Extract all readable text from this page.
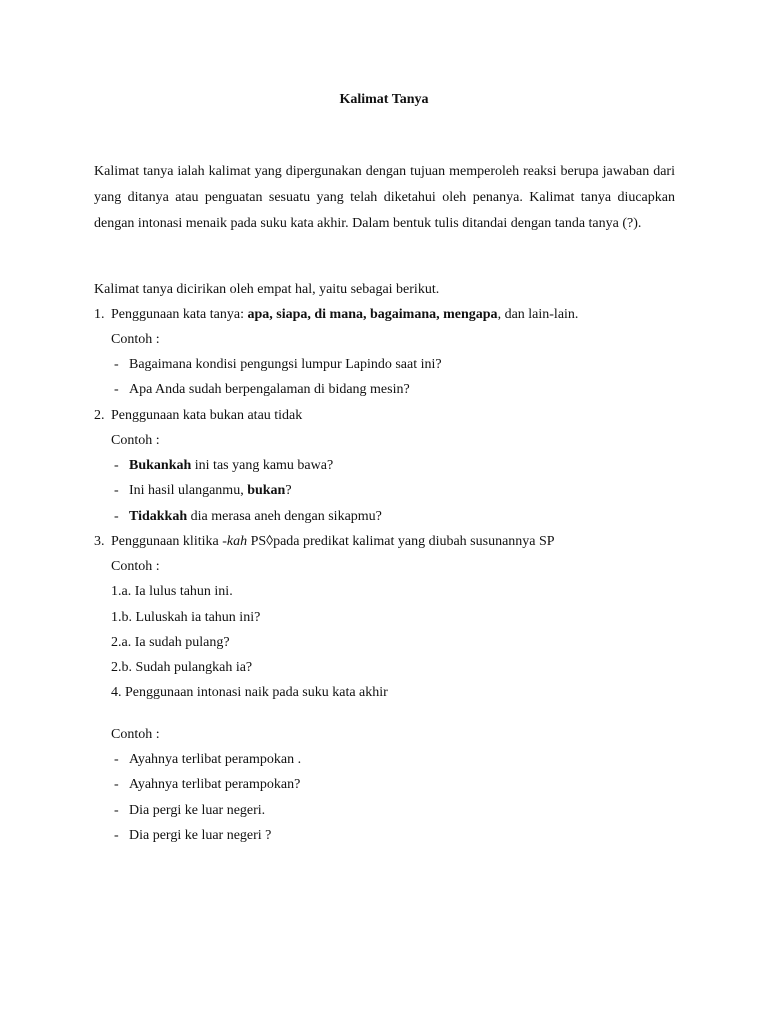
Kalimat Tanya
Kalimat tanya ialah kalimat yang dipergunakan dengan tujuan memperoleh reaksi berupa jawaban dari yang ditanya atau penguatan sesuatu yang telah diketahui oleh penanya. Kalimat tanya diucapkan dengan intonasi menaik pada suku kata akhir. Dalam bentuk tulis ditandai dengan tanda tanya (?).
Kalimat tanya dicirikan oleh empat hal, yaitu sebagai berikut.
1. Penggunaan kata tanya: apa, siapa, di mana, bagaimana, mengapa, dan lain-lain.
Contoh :
- Bagaimana kondisi pengungsi lumpur Lapindo saat ini?
- Apa Anda sudah berpengalaman di bidang mesin?
2. Penggunaan kata bukan atau tidak
Contoh :
- Bukankah ini tas yang kamu bawa?
- Ini hasil ulanganmu, bukan?
- Tidakkah dia merasa aneh dengan sikapmu?
3. Penggunaan klitika -kah PS◊pada predikat kalimat yang diubah susunannya SP
Contoh :
1.a. Ia lulus tahun ini.
1.b. Luluskah ia tahun ini?
2.a. Ia sudah pulang?
2.b. Sudah pulangkah ia?
4. Penggunaan intonasi naik pada suku kata akhir
Contoh :
- Ayahnya terlibat perampokan .
- Ayahnya terlibat perampokan?
- Dia pergi ke luar negeri.
- Dia pergi ke luar negeri ?
